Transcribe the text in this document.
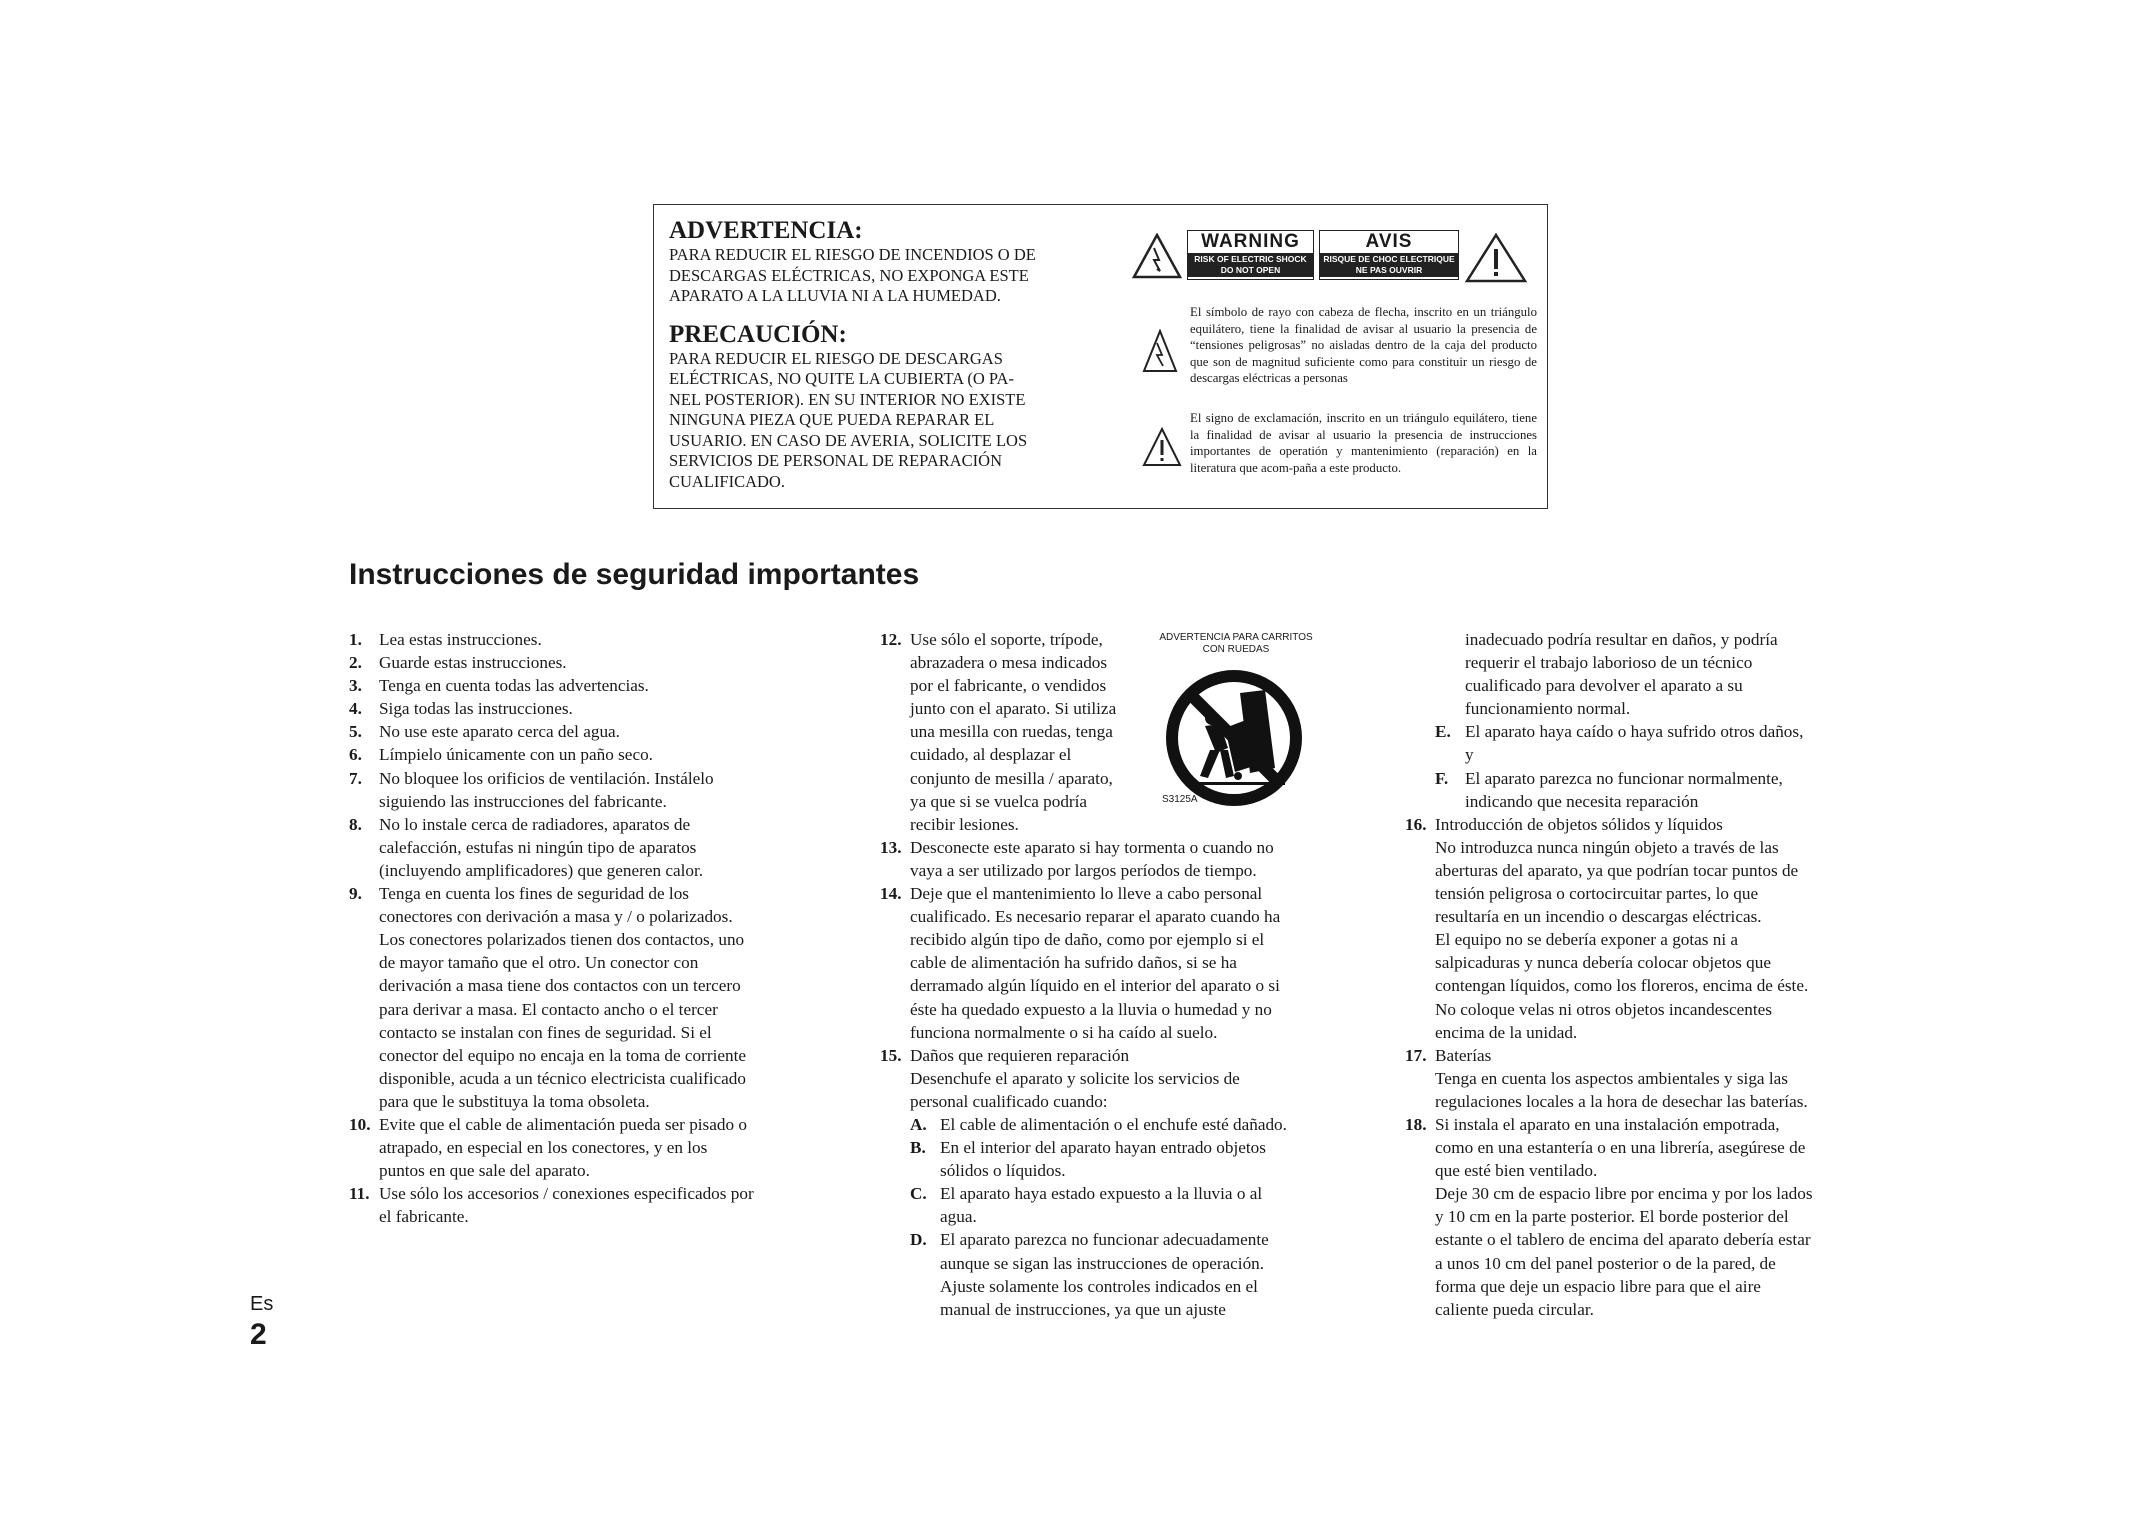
ADVERTENCIA:
PARA REDUCIR EL RIESGO DE INCENDIOS O DE
DESCARGAS ELÉCTRICAS, NO EXPONGA ESTE
APARATO A LA LLUVIA NI A LA HUMEDAD.
PRECAUCIÓN:
PARA REDUCIR EL RIESGO DE DESCARGAS
ELÉCTRICAS, NO QUITE LA CUBIERTA (O PA-
NEL POSTERIOR). EN SU INTERIOR NO EXISTE
NINGUNA PIEZA QUE PUEDA REPARAR EL
USUARIO. EN CASO DE AVERIA, SOLICITE LOS
SERVICIOS DE PERSONAL DE REPARACIÓN
CUALIFICADO.
WARNING
RISK OF ELECTRIC SHOCK
DO NOT OPEN
AVIS
RISQUE DE CHOC ELECTRIQUE
NE PAS OUVRIR

El símbolo de rayo con cabeza de flecha, inscrito en un triángulo equilátero, tiene la finalidad de avisar al usuario la presencia de “tensiones peligrosas” no aisladas dentro de la caja del producto que son de magnitud suficiente como para constituir un riesgo de descargas eléctricas a personas

El signo de exclamación, inscrito en un triángulo equilátero, tiene la finalidad de avisar al usuario la presencia de instrucciones importantes de operatión y mantenimiento (reparación) en la literatura que acom-paña a este producto.

Instrucciones de seguridad importantes
1. Lea estas instrucciones.
2. Guarde estas instrucciones.
3. Tenga en cuenta todas las advertencias.
4. Siga todas las instrucciones.
5. No use este aparato cerca del agua.
6. Límpielo únicamente con un paño seco.
7. No bloquee los orificios de ventilación. Instálelo
siguiendo las instrucciones del fabricante.
8. No lo instale cerca de radiadores, aparatos de
calefacción, estufas ni ningún tipo de aparatos
(incluyendo amplificadores) que generen calor.
9. Tenga en cuenta los fines de seguridad de los
conectores con derivación a masa y / o polarizados.
Los conectores polarizados tienen dos contactos, uno
de mayor tamaño que el otro. Un conector con
derivación a masa tiene dos contactos con un tercero
para derivar a masa. El contacto ancho o el tercer
contacto se instalan con fines de seguridad. Si el
conector del equipo no encaja en la toma de corriente
disponible, acuda a un técnico electricista cualificado
para que le substituya la toma obsoleta.
10. Evite que el cable de alimentación pueda ser pisado o
atrapado, en especial en los conectores, y en los
puntos en que sale del aparato.
11. Use sólo los accesorios / conexiones especificados por
el fabricante.
12. Use sólo el soporte, trípode,
abrazadera o mesa indicados
por el fabricante, o vendidos
junto con el aparato. Si utiliza
una mesilla con ruedas, tenga
cuidado, al desplazar el
conjunto de mesilla / aparato,
ya que si se vuelca podría
recibir lesiones.
13. Desconecte este aparato si hay tormenta o cuando no
vaya a ser utilizado por largos períodos de tiempo.
14. Deje que el mantenimiento lo lleve a cabo personal
cualificado. Es necesario reparar el aparato cuando ha
recibido algún tipo de daño, como por ejemplo si el
cable de alimentación ha sufrido daños, si se ha
derramado algún líquido en el interior del aparato o si
éste ha quedado expuesto a la lluvia o humedad y no
funciona normalmente o si ha caído al suelo.
15. Daños que requieren reparación
Desenchufe el aparato y solicite los servicios de
personal cualificado cuando:
A. El cable de alimentación o el enchufe esté dañado.
B. En el interior del aparato hayan entrado objetos
sólidos o líquidos.
C. El aparato haya estado expuesto a la lluvia o al
agua.
D. El aparato parezca no funcionar adecuadamente
aunque se sigan las instrucciones de operación.
Ajuste solamente los controles indicados en el
manual de instrucciones, ya que un ajuste
ADVERTENCIA PARA CARRITOS
CON RUEDAS
S3125A
inadecuado podría resultar en daños, y podría
requerir el trabajo laborioso de un técnico
cualificado para devolver el aparato a su
funcionamiento normal.
E. El aparato haya caído o haya sufrido otros daños,
y
F. El aparato parezca no funcionar normalmente,
indicando que necesita reparación
16. Introducción de objetos sólidos y líquidos
No introduzca nunca ningún objeto a través de las
aberturas del aparato, ya que podrían tocar puntos de
tensión peligrosa o cortocircuitar partes, lo que
resultaría en un incendio o descargas eléctricas.
El equipo no se debería exponer a gotas ni a
salpicaduras y nunca debería colocar objetos que
contengan líquidos, como los floreros, encima de éste.
No coloque velas ni otros objetos incandescentes
encima de la unidad.
17. Baterías
Tenga en cuenta los aspectos ambientales y siga las
regulaciones locales a la hora de desechar las baterías.
18. Si instala el aparato en una instalación empotrada,
como en una estantería o en una librería, asegúrese de
que esté bien ventilado.
Deje 30 cm de espacio libre por encima y por los lados
y 10 cm en la parte posterior. El borde posterior del
estante o el tablero de encima del aparato debería estar
a unos 10 cm del panel posterior o de la pared, de
forma que deje un espacio libre para que el aire
caliente pueda circular.
Es
2
